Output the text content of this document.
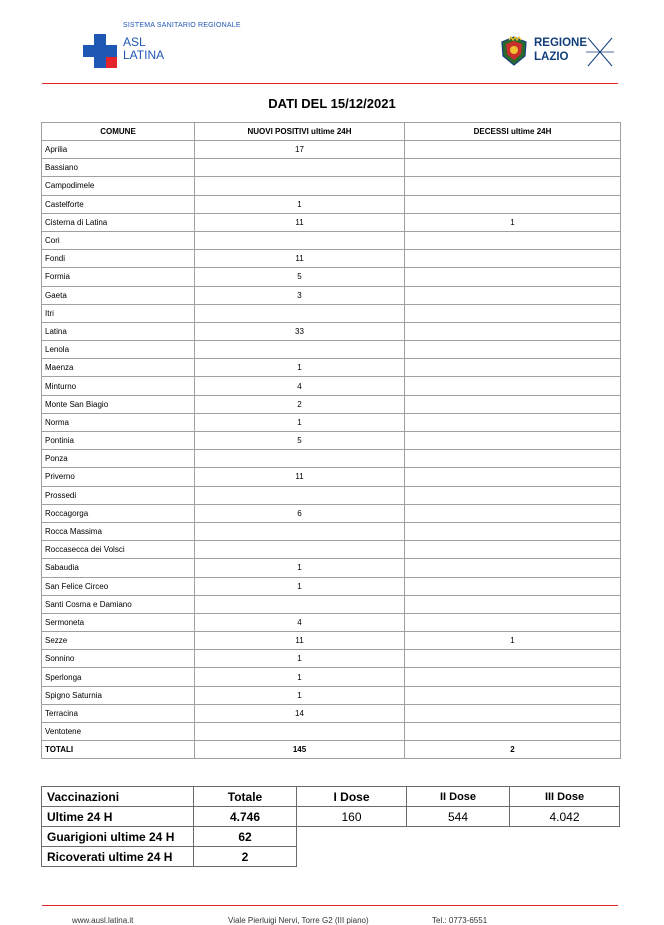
SISTEMA SANITARIO REGIONALE
ASL
LATINA
REGIONE
LAZIO
DATI DEL 15/12/2021
COMUNE	NUOVI POSITIVI ultime 24H	DECESSI ultime 24H
Aprilia	17	
Bassiano		
Campodimele		
Castelforte	1	
Cisterna di Latina	11	1
Cori		
Fondi	11	
Formia	5	
Gaeta	3	
Itri		
Latina	33	
Lenola		
Maenza	1	
Minturno	4	
Monte San Biagio	2	
Norma	1	
Pontinia	5	
Ponza		
Priverno	11	
Prossedi		
Roccagorga	6	
Rocca Massima		
Roccasecca dei Volsci		
Sabaudia	1	
San Felice Circeo	1	
Santi Cosma e Damiano		
Sermoneta	4	
Sezze	11	1
Sonnino	1	
Sperlonga	1	
Spigno Saturnia	1	
Terracina	14	
Ventotene		
TOTALI	145	2
Vaccinazioni	Totale	I Dose	II Dose	III Dose
Ultime 24 H	4.746	160	544	4.042
Guarigioni ultime 24 H	62			
Ricoverati ultime 24 H	2			
www.ausl.latina.it	Viale Pierluigi Nervi, Torre G2 (III piano)	Tel.: 0773-6551
